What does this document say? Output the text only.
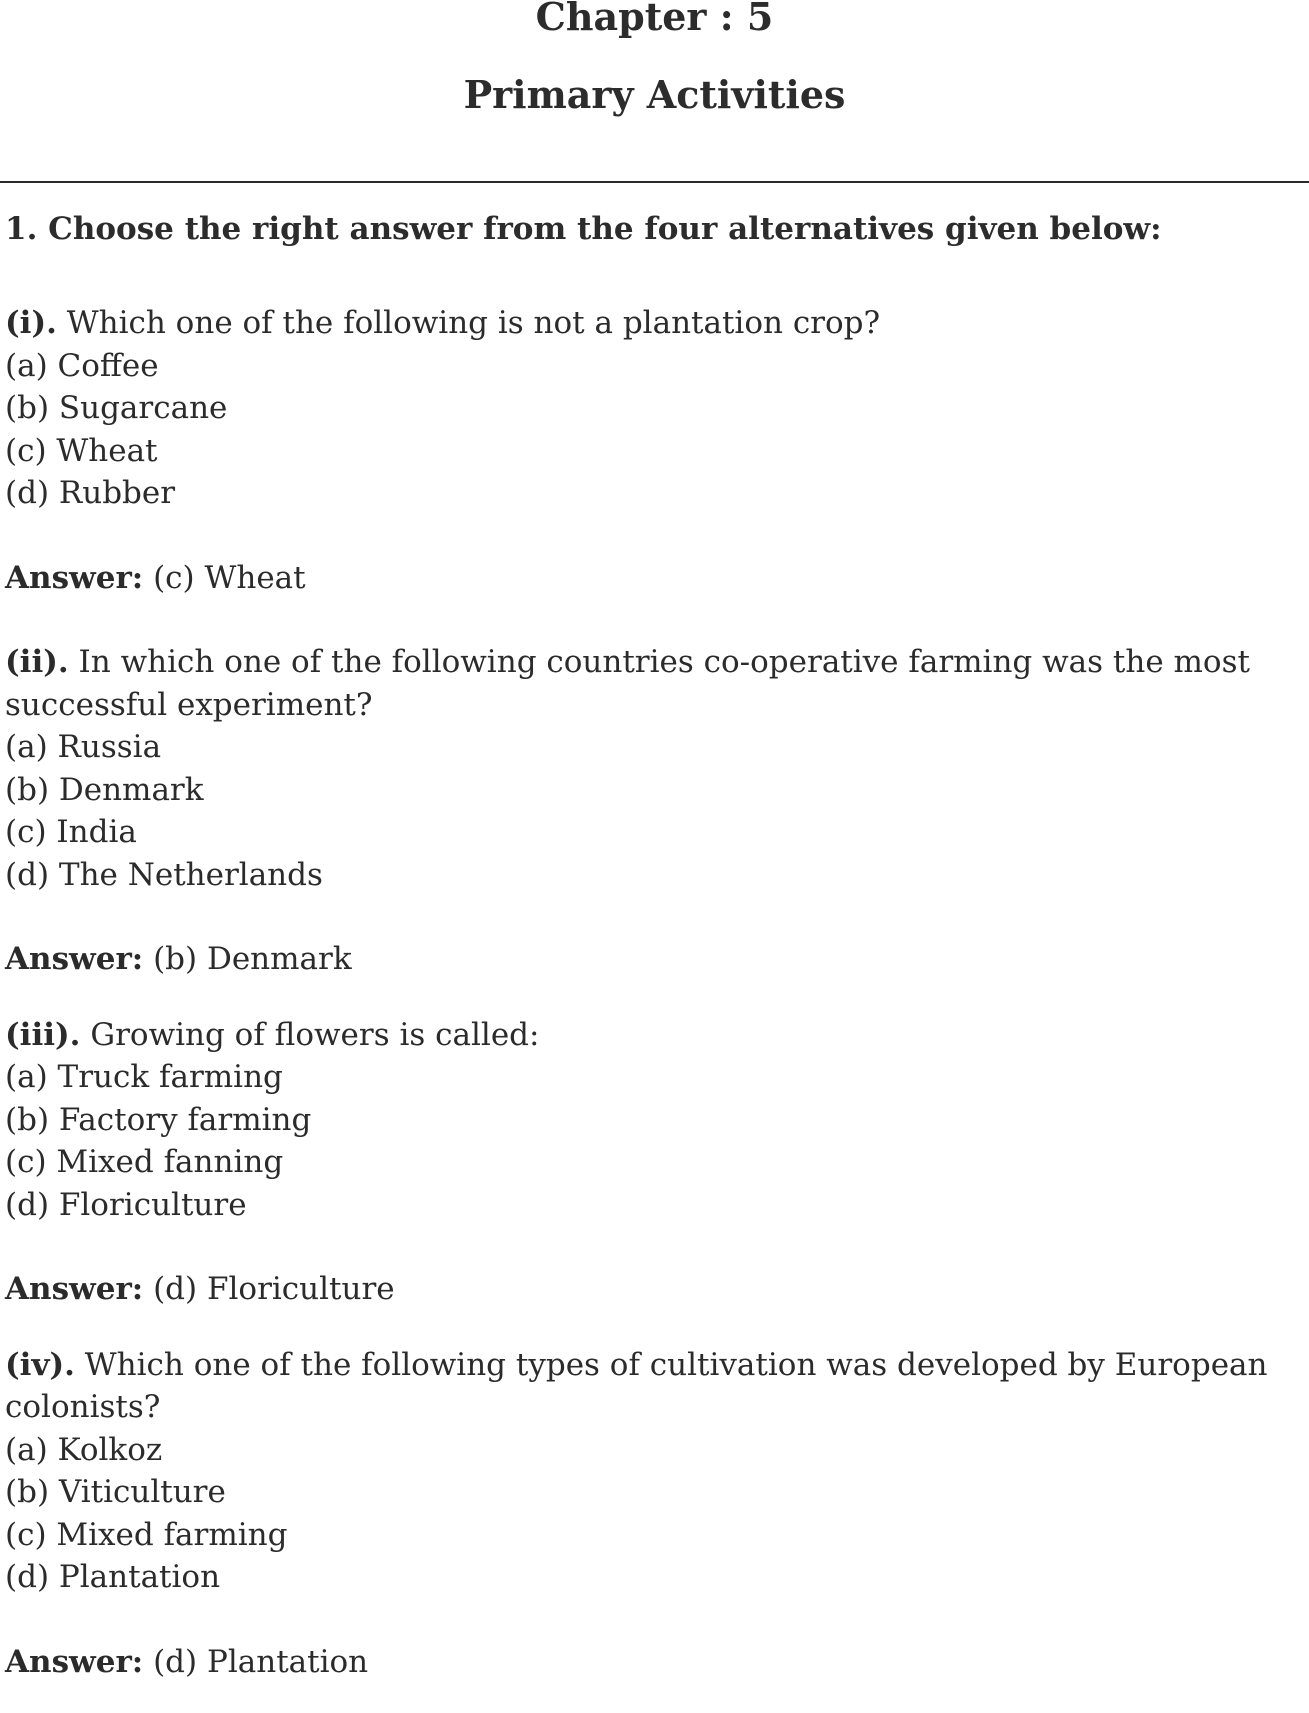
Chapter : 5
Primary Activities

1. Choose the right answer from the four alternatives given below:

(i). Which one of the following is not a plantation crop?

(a) Coffee

(b) Sugarcane

(c) Wheat

(d) Rubber

Answer: (c) Wheat

(ii). In which one of the following countries co-operative farming was the most successful experiment?

(a) Russia

(b) Denmark

(c) India

(d) The Netherlands

Answer: (b) Denmark

(iii). Growing of flowers is called:

(a) Truck farming

(b) Factory farming

(c) Mixed fanning

(d) Floriculture

Answer: (d) Floriculture

(iv). Which one of the following types of cultivation was developed by European colonists?

(a) Kolkoz

(b) Viticulture

(c) Mixed farming

(d) Plantation

Answer: (d) Plantation
